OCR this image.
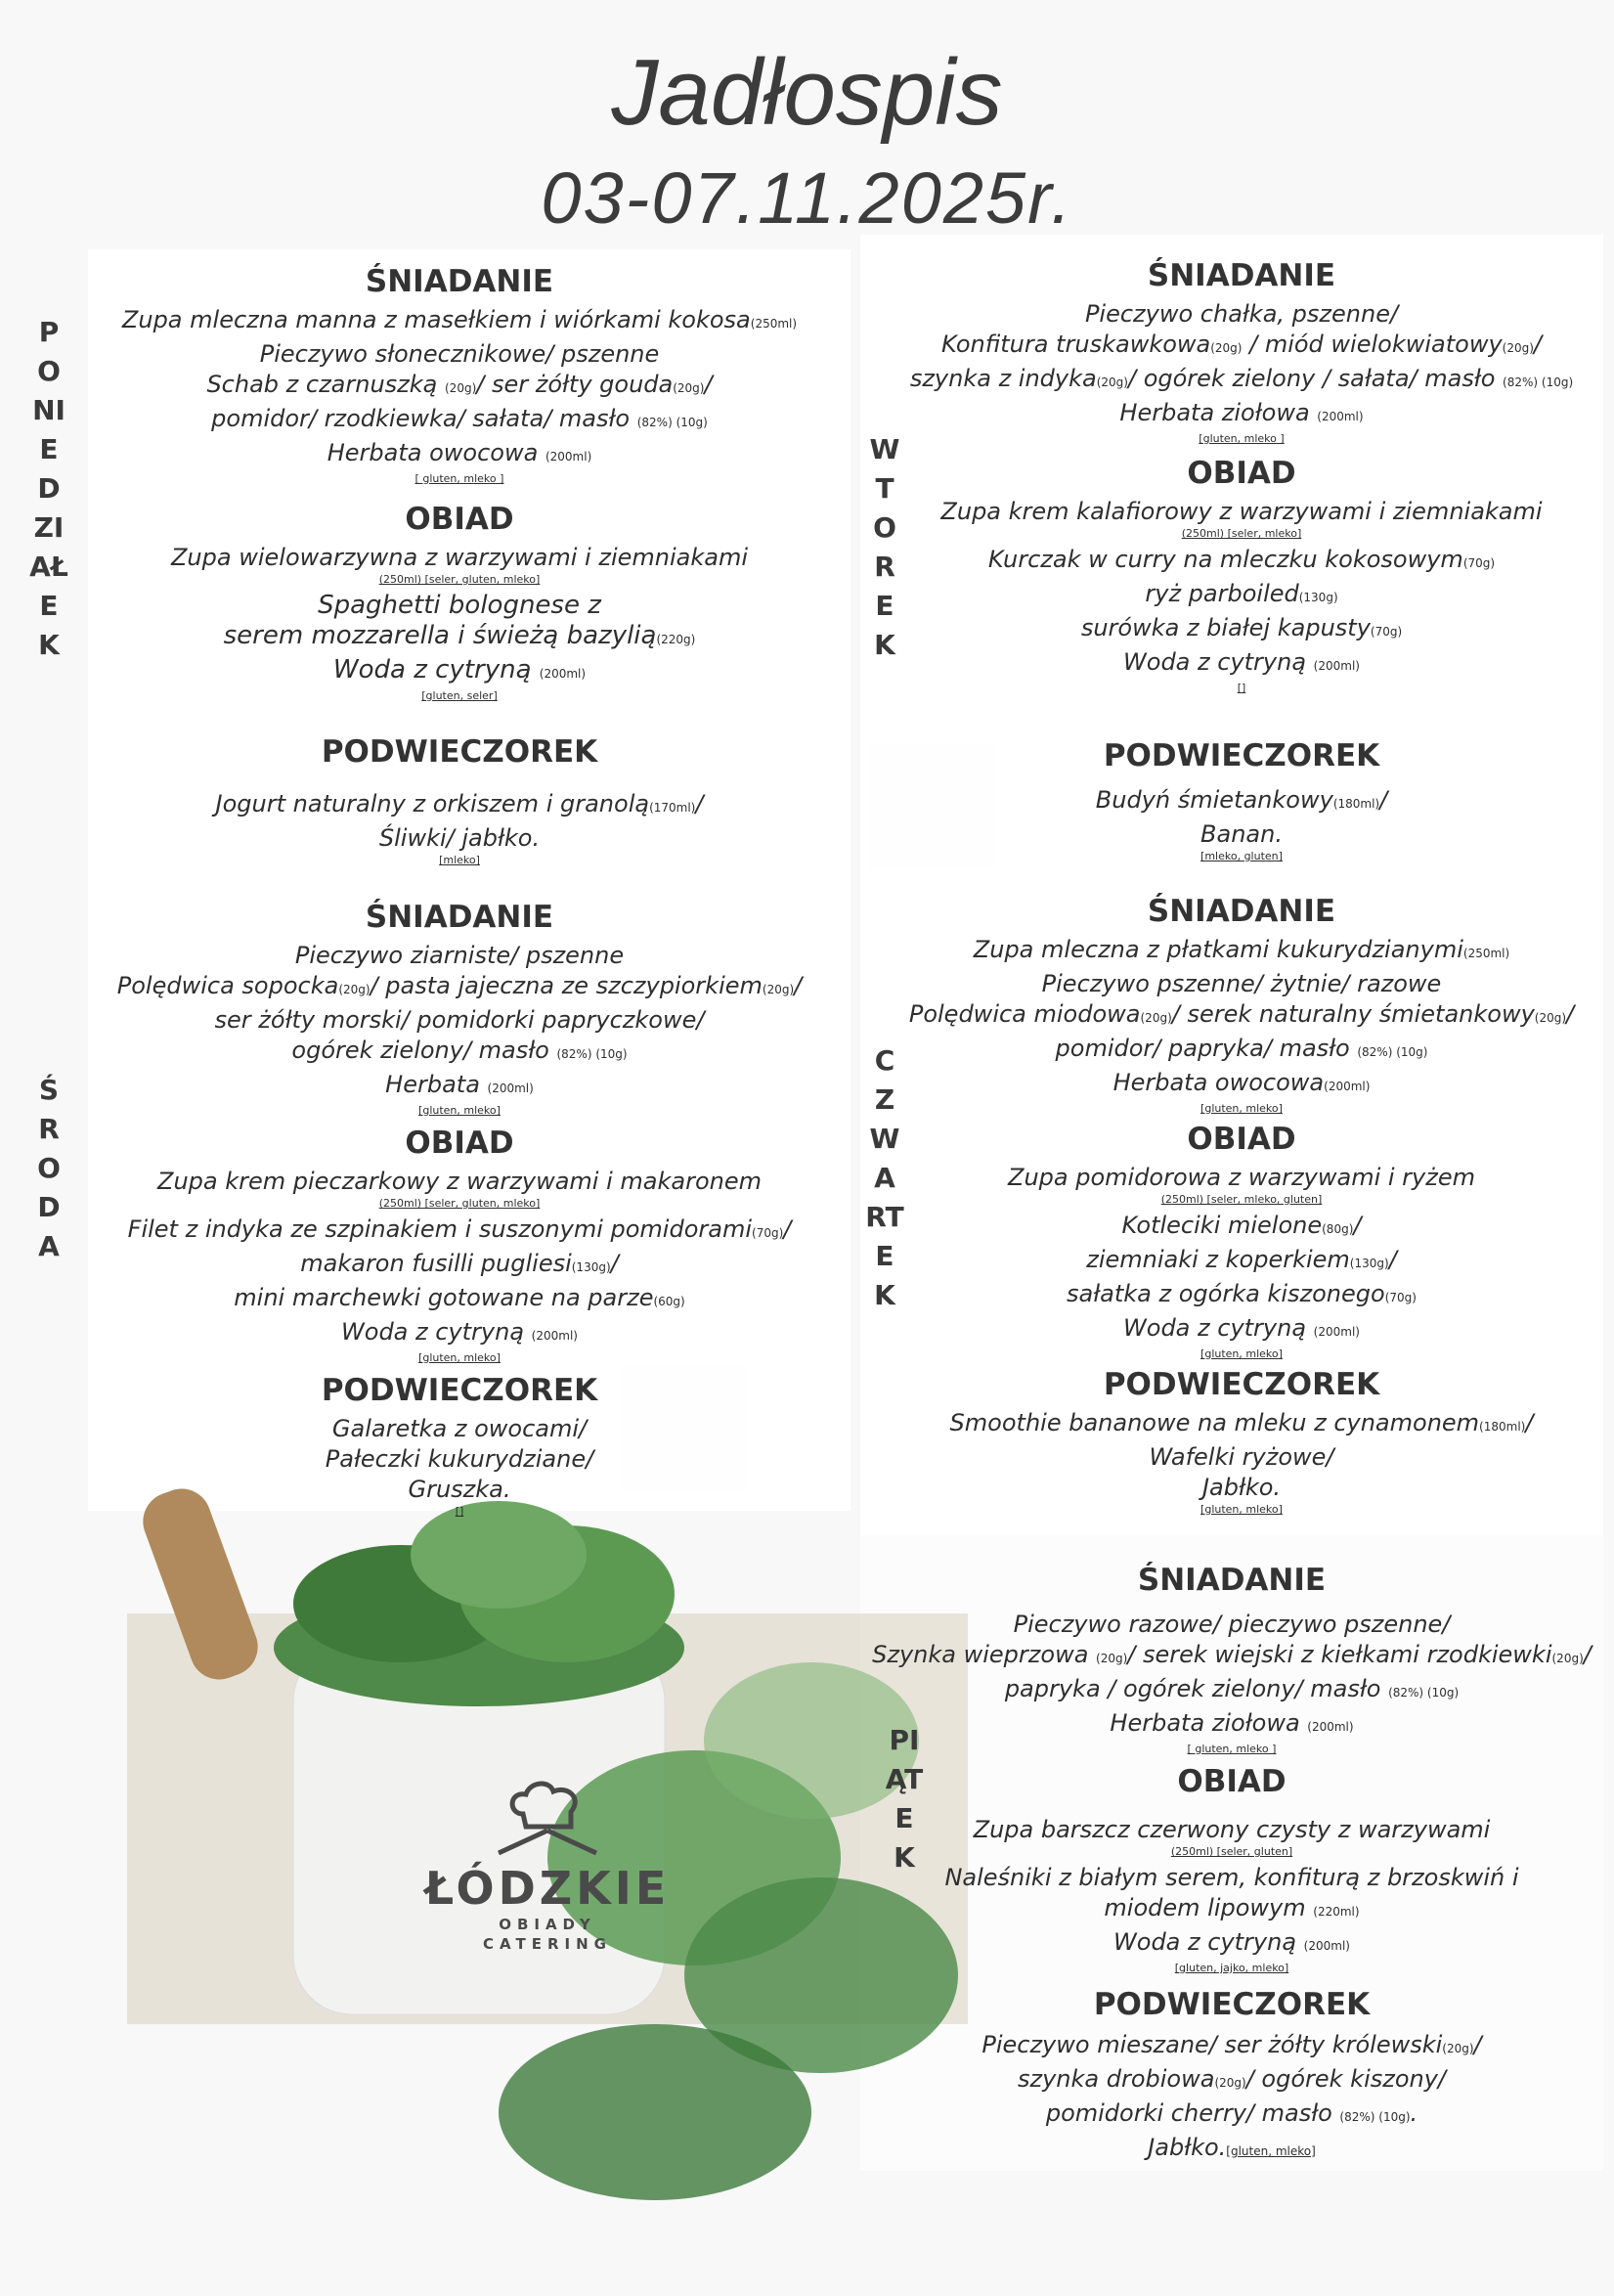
ŁÓDZKIE
OBIADY
CATERING
Jadłospis
03-07.11.2025r.
PONIEDZIAŁEK
WTOREK
ŚRODA
CZWARTEK
PIĄTEK
ŚNIADANIE
Zupa mleczna manna z masełkiem i wiórkami kokosa(250ml)
Pieczywo słonecznikowe/ pszenne
Schab z czarnuszką (20g)/ ser żółty gouda(20g)/
pomidor/ rzodkiewka/ sałata/ masło (82%) (10g)
Herbata owocowa (200ml)
[ gluten, mleko ]
OBIAD
Zupa wielowarzywna z warzywami i ziemniakami
(250ml) [seler, gluten, mleko]
Spaghetti bolognese z
serem mozzarella i świeżą bazylią(220g)
Woda z cytryną (200ml)
[gluten, seler]
PODWIECZOREK
Jogurt naturalny z orkiszem i granolą(170ml)/
Śliwki/ jabłko.
[mleko]
ŚNIADANIE
Pieczywo chałka, pszenne/
Konfitura truskawkowa(20g) / miód wielokwiatowy(20g)/
szynka z indyka(20g)/ ogórek zielony / sałata/ masło (82%) (10g)
Herbata ziołowa (200ml)
[gluten, mleko ]
OBIAD
Zupa krem kalafiorowy z warzywami i ziemniakami
(250ml) [seler, mleko]
Kurczak w curry na mleczku kokosowym(70g)
ryż parboiled(130g)
surówka z białej kapusty(70g)
Woda z cytryną (200ml)
[]
PODWIECZOREK
Budyń śmietankowy(180ml)/
Banan.
[mleko, gluten]
ŚNIADANIE
Pieczywo ziarniste/ pszenne
Polędwica sopocka(20g)/ pasta jajeczna ze szczypiorkiem(20g)/
ser żółty morski/ pomidorki papryczkowe/
ogórek zielony/ masło (82%) (10g)
Herbata (200ml)
[gluten, mleko]
OBIAD
Zupa krem pieczarkowy z warzywami i makaronem
(250ml) [seler, gluten, mleko]
Filet z indyka ze szpinakiem i suszonymi pomidorami(70g)/
makaron fusilli pugliesi(130g)/
mini marchewki gotowane na parze(60g)
Woda z cytryną (200ml)
[gluten, mleko]
PODWIECZOREK
Galaretka z owocami/
Pałeczki kukurydziane/
Gruszka.
[]
ŚNIADANIE
Zupa mleczna z płatkami kukurydzianymi(250ml)
Pieczywo pszenne/ żytnie/ razowe
Polędwica miodowa(20g)/ serek naturalny śmietankowy(20g)/
pomidor/ papryka/ masło (82%) (10g)
Herbata owocowa(200ml)
[gluten, mleko]
OBIAD
Zupa pomidorowa z warzywami i ryżem
(250ml) [seler, mleko, gluten]
Kotleciki mielone(80g)/
ziemniaki z koperkiem(130g)/
sałatka z ogórka kiszonego(70g)
Woda z cytryną (200ml)
[gluten, mleko]
PODWIECZOREK
Smoothie bananowe na mleku z cynamonem(180ml)/
Wafelki ryżowe/
Jabłko.
[gluten, mleko]
ŚNIADANIE
Pieczywo razowe/ pieczywo pszenne/
Szynka wieprzowa (20g)/ serek wiejski z kiełkami rzodkiewki(20g)/
papryka / ogórek zielony/ masło (82%) (10g)
Herbata ziołowa (200ml)
[ gluten, mleko ]
OBIAD
Zupa barszcz czerwony czysty z warzywami
(250ml) [seler, gluten]
Naleśniki z białym serem, konfiturą z brzoskwiń i
miodem lipowym (220ml)
Woda z cytryną (200ml)
[gluten, jajko, mleko]
PODWIECZOREK
Pieczywo mieszane/ ser żółty królewski(20g)/
szynka drobiowa(20g)/ ogórek kiszony/
pomidorki cherry/ masło (82%) (10g).
Jabłko.[gluten, mleko]
